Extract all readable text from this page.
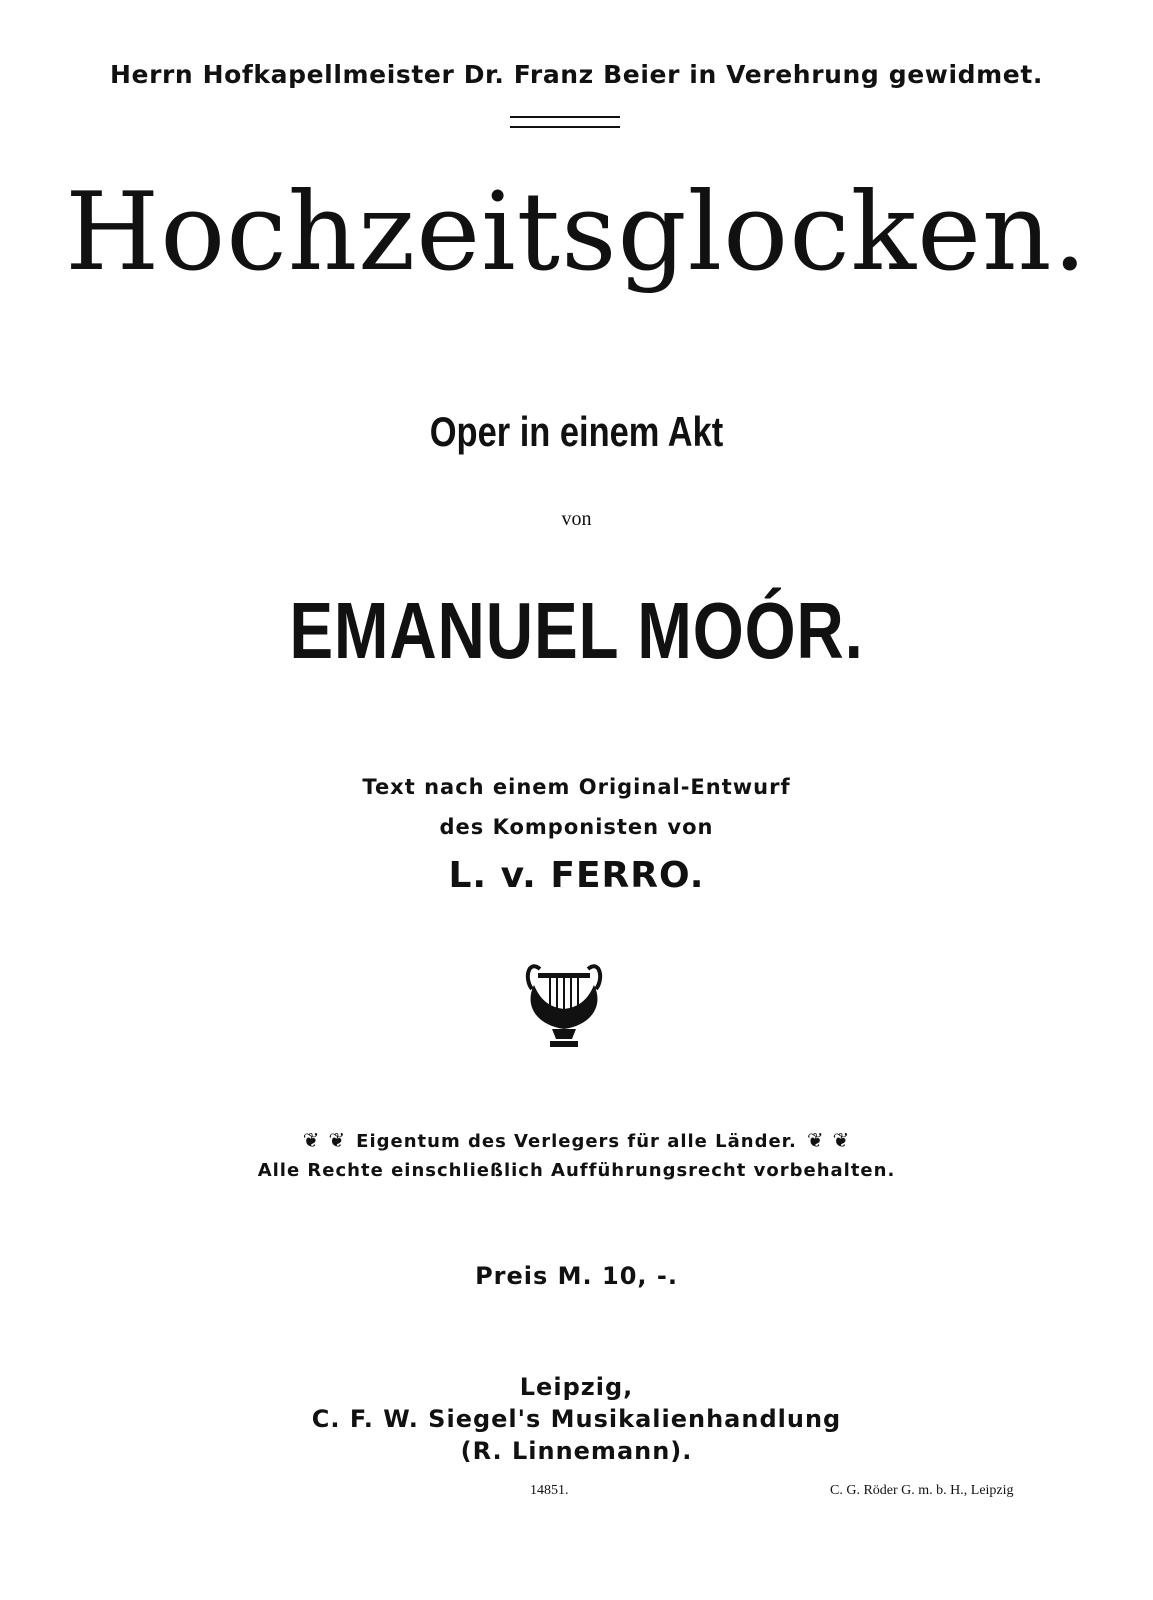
Herrn Hofkapellmeister Dr. Franz Beier in Verehrung gewidmet.
Hochzeitsglocken.
Oper in einem Akt
von
EMANUEL MOÓR.
Text nach einem Original-Entwurf
des Komponisten von
L. v. FERRO.
❦ ❦ Eigentum des Verlegers für alle Länder. ❦ ❦
Alle Rechte einschließlich Aufführungsrecht vorbehalten.
Preis M. 10, -.
Leipzig,
C. F. W. Siegel's Musikalienhandlung
(R. Linnemann).
14851.	C. G. Röder G. m. b. H., Leipzig
